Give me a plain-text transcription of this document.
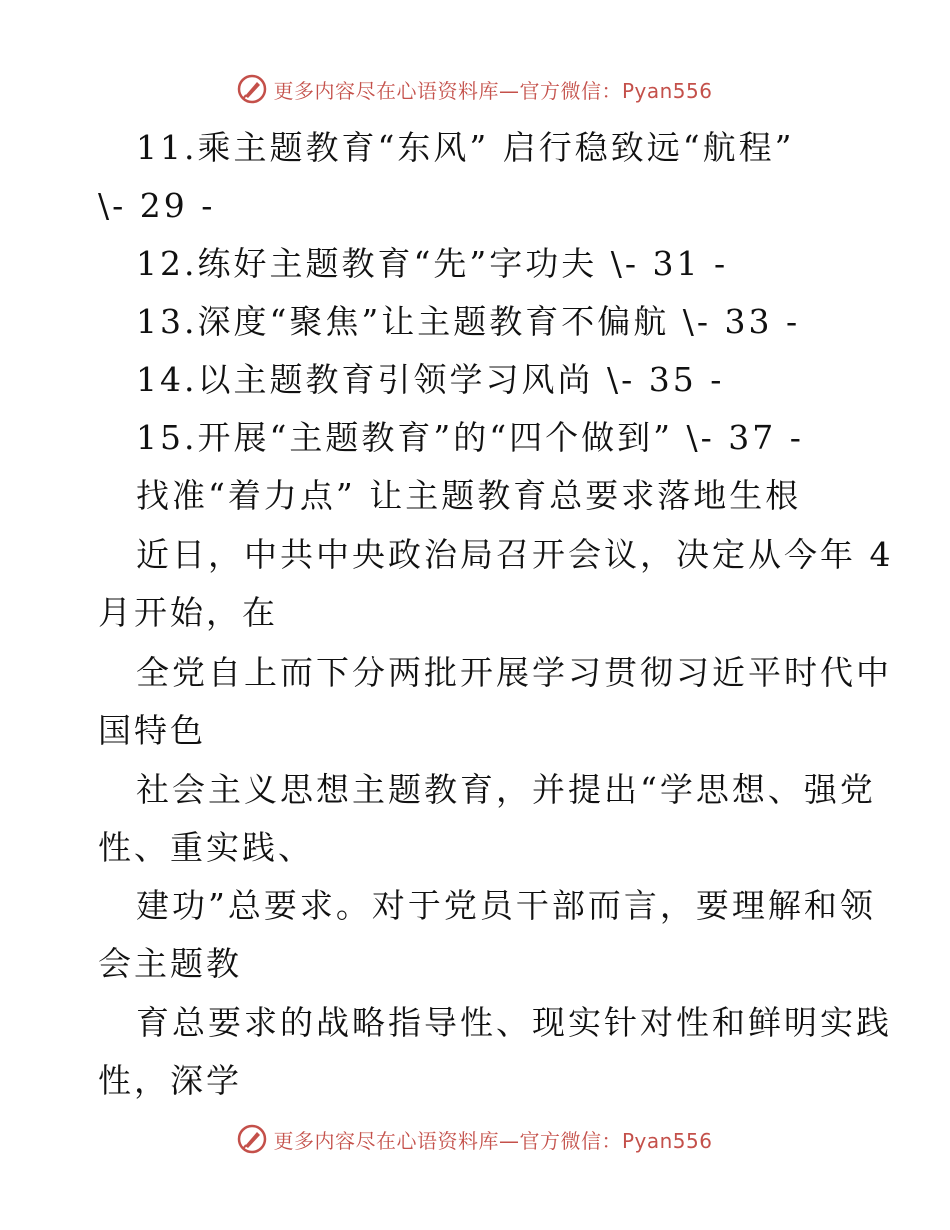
更多内容尽在心语资料库—官方微信：Pyan556
11.乘主题教育“东风” 启行稳致远“航程”
\- 29 -
12.练好主题教育“先”字功夫 \- 31 -
13.深度“聚焦”让主题教育不偏航 \- 33 -
14.以主题教育引领学习风尚 \- 35 -
15.开展“主题教育”的“四个做到” \- 37 -
找准“着力点” 让主题教育总要求落地生根
近日，中共中央政治局召开会议，决定从今年 4
月开始，在
全党自上而下分两批开展学习贯彻习近平时代中
国特色
社会主义思想主题教育，并提出“学思想、强党
性、重实践、
建功”总要求。对于党员干部而言，要理解和领
会主题教
育总要求的战略指导性、现实针对性和鲜明实践
性，深学
更多内容尽在心语资料库—官方微信：Pyan556
